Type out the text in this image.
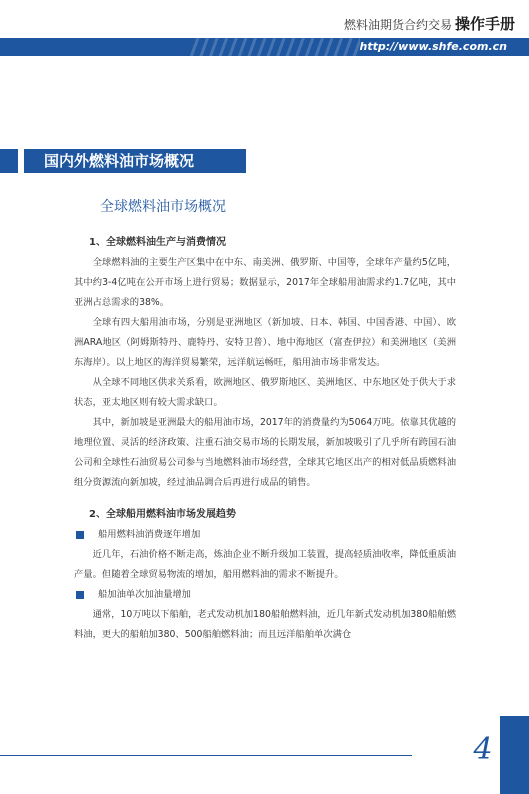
燃料油期货合约交易 操作手册
http://www.shfe.com.cn
国内外燃料油市场概况
全球燃料油市场概况
1、全球燃料油生产与消费情况

全球燃料油的主要生产区集中在中东、南美洲、俄罗斯、中国等，全球年产量约5亿吨，其中约3-4亿吨在公开市场上进行贸易；数据显示，2017年全球船用油需求约1.7亿吨，其中亚洲占总需求的38%。

全球有四大船用油市场，分别是亚洲地区（新加坡、日本、韩国、中国香港、中国）、欧洲ARA地区（阿姆斯特丹、鹿特丹、安特卫普）、地中海地区（富查伊拉）和美洲地区（美洲东海岸）。以上地区的海洋贸易繁荣，远洋航运畅旺，船用油市场非常发达。

从全球不同地区供求关系看，欧洲地区、俄罗斯地区、美洲地区、中东地区处于供大于求状态，亚太地区则有较大需求缺口。

其中，新加坡是亚洲最大的船用油市场，2017年的消费量约为5064万吨。依靠其优越的地理位置、灵活的经济政策、注重石油交易市场的长期发展，新加坡吸引了几乎所有跨国石油公司和全球性石油贸易公司参与当地燃料油市场经营，全球其它地区出产的相对低品质燃料油组分资源流向新加坡，经过油品调合后再进行成品的销售。

2、全球船用燃料油市场发展趋势

船用燃料油消费逐年增加

近几年，石油价格不断走高，炼油企业不断升级加工装置，提高轻质油收率，降低重质油产量。但随着全球贸易物流的增加，船用燃料油的需求不断提升。

船加油单次加油量增加

通常，10万吨以下船舶，老式发动机加180船舶燃料油，近几年新式发动机加380船舶燃料油，更大的船舶加380、500船舶燃料油；而且远洋船舶单次满仓

4
